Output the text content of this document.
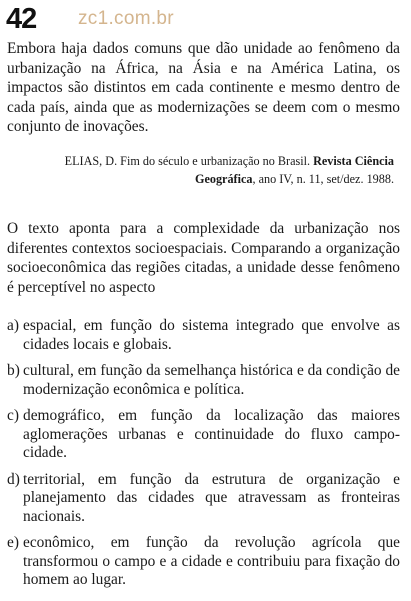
42	zc1.com.br
Embora haja dados comuns que dão unidade ao fenômeno da urbanização na África, na Ásia e na América Latina, os impactos são distintos em cada continente e mesmo dentro de cada país, ainda que as modernizações se deem com o mesmo conjunto de inovações.
ELIAS, D. Fim do século e urbanização no Brasil. Revista Ciência Geográfica, ano IV, n. 11, set/dez. 1988.
O texto aponta para a complexidade da urbanização nos diferentes contextos socioespaciais. Comparando a organização socioeconômica das regiões citadas, a unidade desse fenômeno é perceptível no aspecto
a) espacial, em função do sistema integrado que envolve as cidades locais e globais.
b) cultural, em função da semelhança histórica e da condição de modernização econômica e política.
c) demográfico, em função da localização das maiores aglomerações urbanas e continuidade do fluxo campo-cidade.
d) territorial, em função da estrutura de organização e planejamento das cidades que atravessam as fronteiras nacionais.
e) econômico, em função da revolução agrícola que transformou o campo e a cidade e contribuiu para fixação do homem ao lugar.
